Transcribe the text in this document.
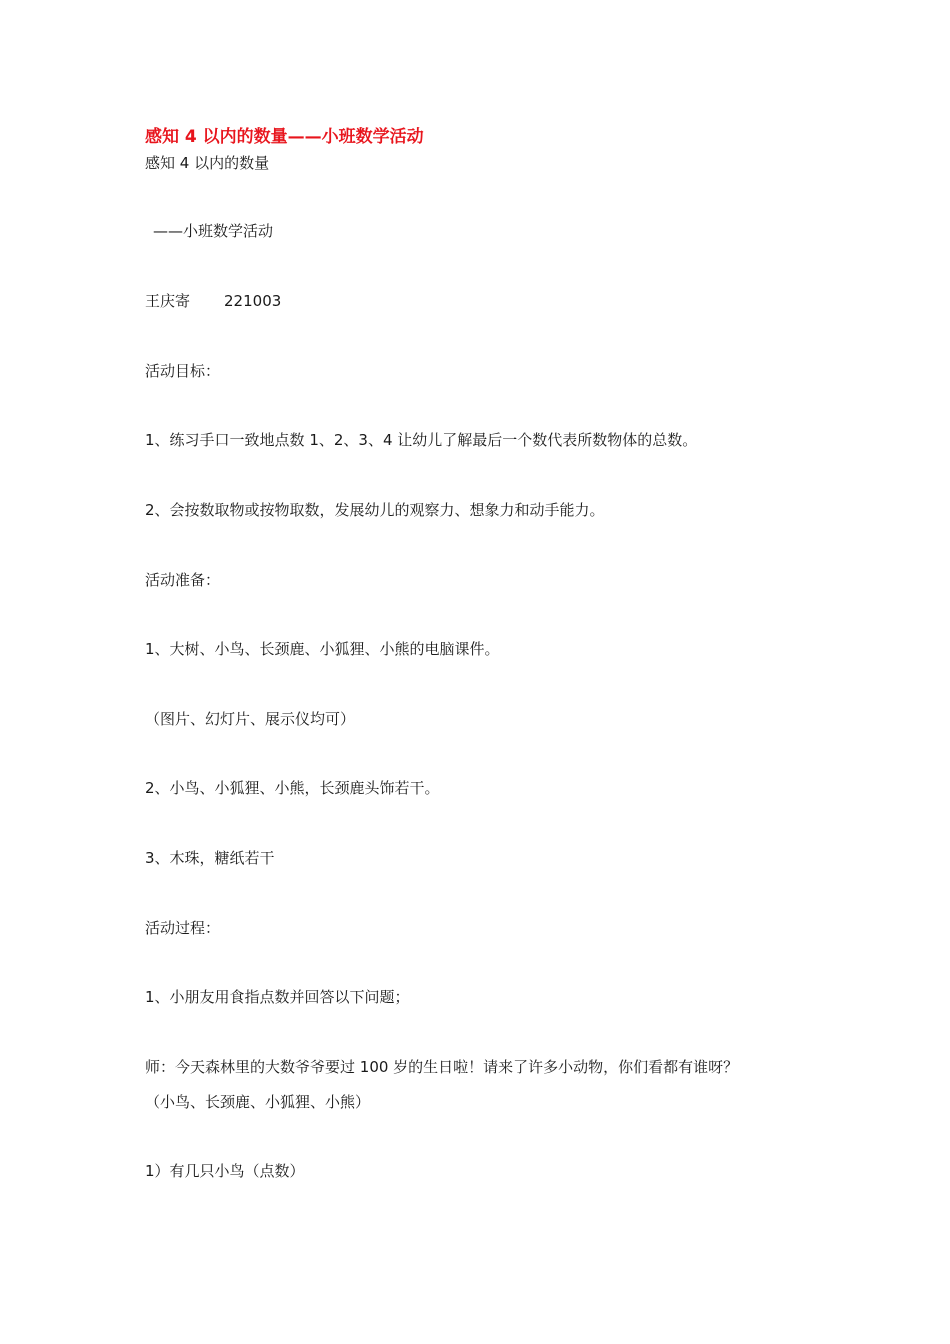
感知 4 以内的数量——小班数学活动
感知 4 以内的数量
——小班数学活动
王庆寄 221003
活动目标：
1、练习手口一致地点数 1、2、3、4 让幼儿了解最后一个数代表所数物体的总数。
2、会按数取物或按物取数，发展幼儿的观察力、想象力和动手能力。
活动准备：
1、大树、小鸟、长颈鹿、小狐狸、小熊的电脑课件。
（图片、幻灯片、展示仪均可）
2、小鸟、小狐狸、小熊，长颈鹿头饰若干。
3、木珠，糖纸若干
活动过程：
1、小朋友用食指点数并回答以下问题；
师：今天森林里的大数爷爷要过 100 岁的生日啦！请来了许多小动物，你们看都有谁呀？
（小鸟、长颈鹿、小狐狸、小熊）
1）有几只小鸟（点数）
